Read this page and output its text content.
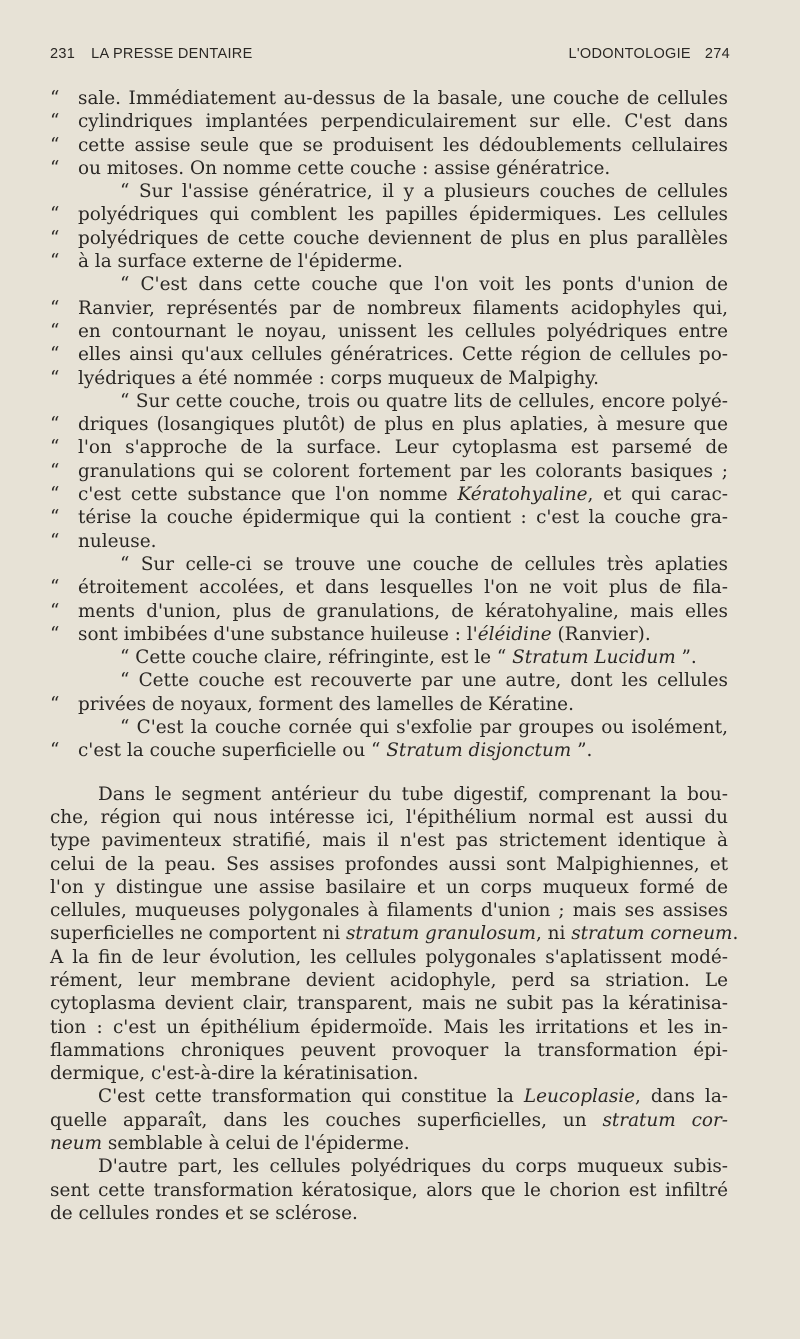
231 LA PRESSE DENTAIRE	L'ODONTOLOGIE 274
“	sale. Immédiatement au-dessus de la basale, une couche de cellules
“	cylindriques implantées perpendiculairement sur elle. C'est dans
“	cette assise seule que se produisent les dédoublements cellulaires
“	ou mitoses. On nomme cette couche : assise génératrice.
“ Sur l'assise génératrice, il y a plusieurs couches de cellules
“	polyédriques qui comblent les papilles épidermiques. Les cellules
“	polyédriques de cette couche deviennent de plus en plus parallèles
“	à la surface externe de l'épiderme.
“ C'est dans cette couche que l'on voit les ponts d'union de
“	Ranvier, représentés par de nombreux filaments acidophyles qui,
“	en contournant le noyau, unissent les cellules polyédriques entre
“	elles ainsi qu'aux cellules génératrices. Cette région de cellules po-
“	lyédriques a été nommée : corps muqueux de Malpighy.
“ Sur cette couche, trois ou quatre lits de cellules, encore polyé-
“	driques (losangiques plutôt) de plus en plus aplaties, à mesure que
“	l'on s'approche de la surface. Leur cytoplasma est parsemé de
“	granulations qui se colorent fortement par les colorants basiques ;
“	c'est cette substance que l'on nomme Kératohyaline, et qui carac-
“	térise la couche épidermique qui la contient : c'est la couche gra-
“	nuleuse.
“ Sur celle-ci se trouve une couche de cellules très aplaties
“	étroitement accolées, et dans lesquelles l'on ne voit plus de fila-
“	ments d'union, plus de granulations, de kératohyaline, mais elles
“	sont imbibées d'une substance huileuse : l'éléidine (Ranvier).
“ Cette couche claire, réfringinte, est le “ Stratum Lucidum ”.
“ Cette couche est recouverte par une autre, dont les cellules
“	privées de noyaux, forment des lamelles de Kératine.
“ C'est la couche cornée qui s'exfolie par groupes ou isolément,
“	c'est la couche superficielle ou “ Stratum disjonctum ”.
Dans le segment antérieur du tube digestif, comprenant la bou-
che, région qui nous intéresse ici, l'épithélium normal est aussi du
type pavimenteux stratifié, mais il n'est pas strictement identique à
celui de la peau. Ses assises profondes aussi sont Malpighiennes, et
l'on y distingue une assise basilaire et un corps muqueux formé de
cellules, muqueuses polygonales à filaments d'union ; mais ses assises
superficielles ne comportent ni stratum granulosum, ni stratum corneum.
A la fin de leur évolution, les cellules polygonales s'aplatissent modé-
rément, leur membrane devient acidophyle, perd sa striation. Le
cytoplasma devient clair, transparent, mais ne subit pas la kératinisa-
tion : c'est un épithélium épidermoïde. Mais les irritations et les in-
flammations chroniques peuvent provoquer la transformation épi-
dermique, c'est-à-dire la kératinisation.
C'est cette transformation qui constitue la Leucoplasie, dans la-
quelle apparaît, dans les couches superficielles, un stratum cor-
neum semblable à celui de l'épiderme.
D'autre part, les cellules polyédriques du corps muqueux subis-
sent cette transformation kératosique, alors que le chorion est infiltré
de cellules rondes et se sclérose.
